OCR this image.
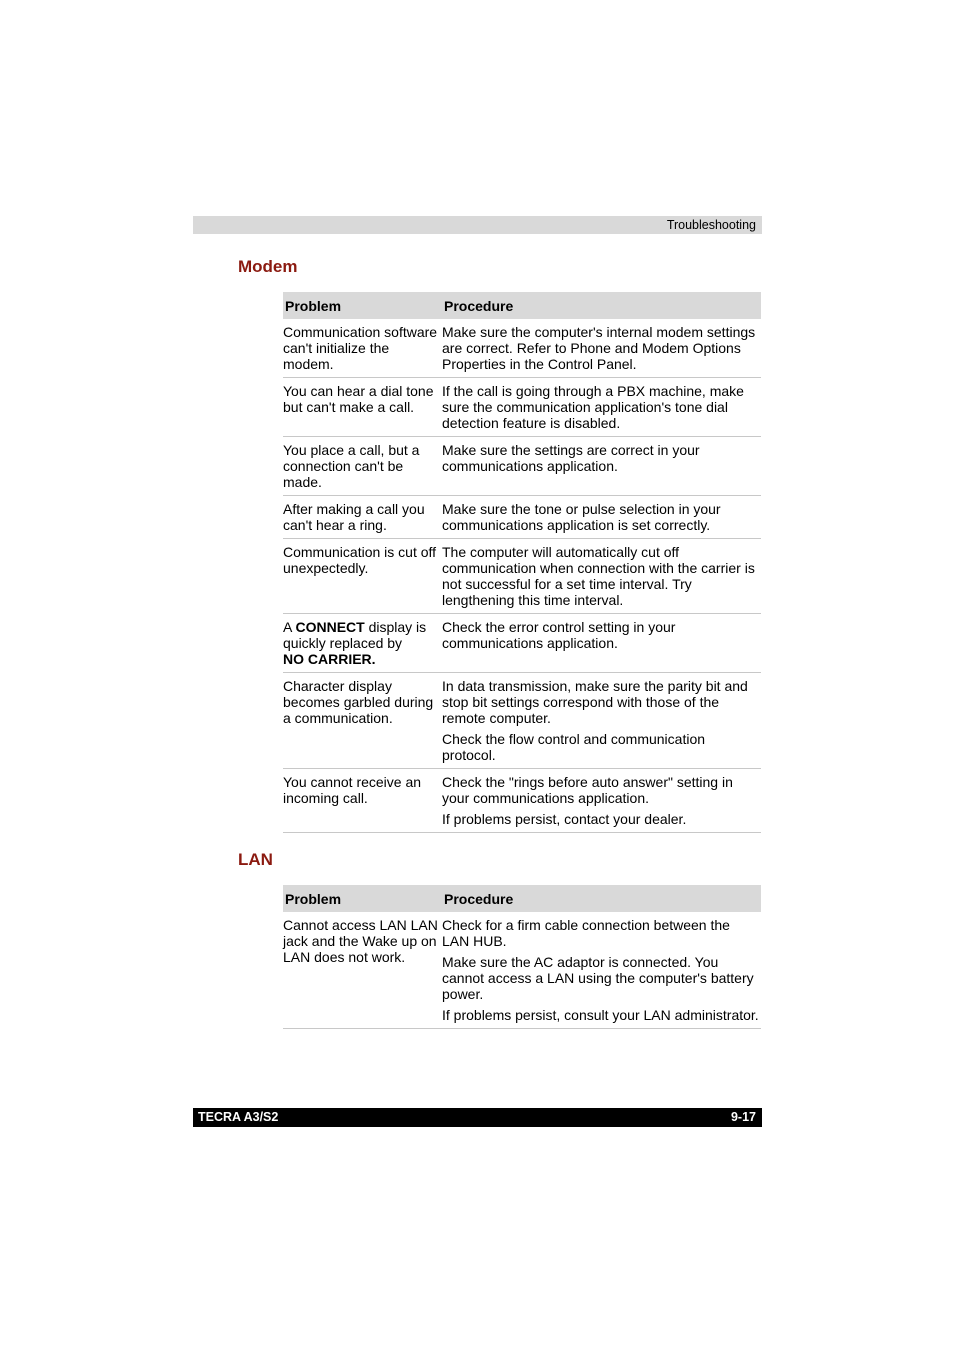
Troubleshooting
Modem
Problem	Procedure
Communication software can't initialize the modem.	Make sure the computer's internal modem settings are correct. Refer to Phone and Modem Options Properties in the Control Panel.

You can hear a dial tone but can't make a call.	If the call is going through a PBX machine, make sure the communication application's tone dial detection feature is disabled.

You place a call, but a connection can't be made.	Make sure the settings are correct in your communications application.

After making a call you can't hear a ring.	Make sure the tone or pulse selection in your communications application is set correctly.

Communication is cut off unexpectedly.	The computer will automatically cut off communication when connection with the carrier is not successful for a set time interval. Try lengthening this time interval.

A CONNECT display is quickly replaced by
NO CARRIER.	Check the error control setting in your communications application.

Character display becomes garbled during a communication.	In data transmission, make sure the parity bit and stop bit settings correspond with those of the remote computer.

Check the flow control and communication protocol.

You cannot receive an incoming call.	Check the "rings before auto answer" setting in your communications application.

If problems persist, contact your dealer.

LAN
Problem	Procedure
Cannot access LAN LAN jack and the Wake up on LAN does not work.	Check for a firm cable connection between the LAN HUB.

Make sure the AC adaptor is connected. You cannot access a LAN using the computer's battery power.

If problems persist, consult your LAN administrator.

TECRA A3/S2	9-17
